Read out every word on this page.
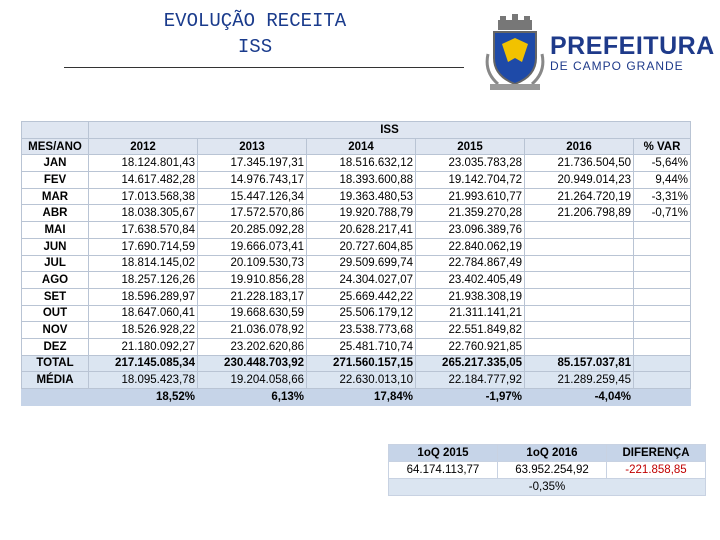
EVOLUÇÃO RECEITA
ISS	PREFEITURA
DE CAMPO GRANDE
	ISS					
MES/ANO	2012	2013	2014	2015	2016	% VAR
JAN	18.124.801,43	17.345.197,31	18.516.632,12	23.035.783,28	21.736.504,50	-5,64%
FEV	14.617.482,28	14.976.743,17	18.393.600,88	19.142.704,72	20.949.014,23	9,44%
MAR	17.013.568,38	15.447.126,34	19.363.480,53	21.993.610,77	21.264.720,19	-3,31%
ABR	18.038.305,67	17.572.570,86	19.920.788,79	21.359.270,28	21.206.798,89	-0,71%
MAI	17.638.570,84	20.285.092,28	20.628.217,41	23.096.389,76		
JUN	17.690.714,59	19.666.073,41	20.727.604,85	22.840.062,19		
JUL	18.814.145,02	20.109.530,73	29.509.699,74	22.784.867,49		
AGO	18.257.126,26	19.910.856,28	24.304.027,07	23.402.405,49		
SET	18.596.289,97	21.228.183,17	25.669.442,22	21.938.308,19		
OUT	18.647.060,41	19.668.630,59	25.506.179,12	21.311.141,21		
NOV	18.526.928,22	21.036.078,92	23.538.773,68	22.551.849,82		
DEZ	21.180.092,27	23.202.620,86	25.481.710,74	22.760.921,85		
TOTAL	217.145.085,34	230.448.703,92	271.560.157,15	265.217.335,05	85.157.037,81	
MÉDIA	18.095.423,78	19.204.058,66	22.630.013,10	22.184.777,92	21.289.259,45	
	18,52%	6,13%	17,84%	-1,97%	-4,04%	
1oQ 2015	1oQ 2016	DIFERENÇA
64.174.113,77	63.952.254,92	-221.858,85
-0,35%		
